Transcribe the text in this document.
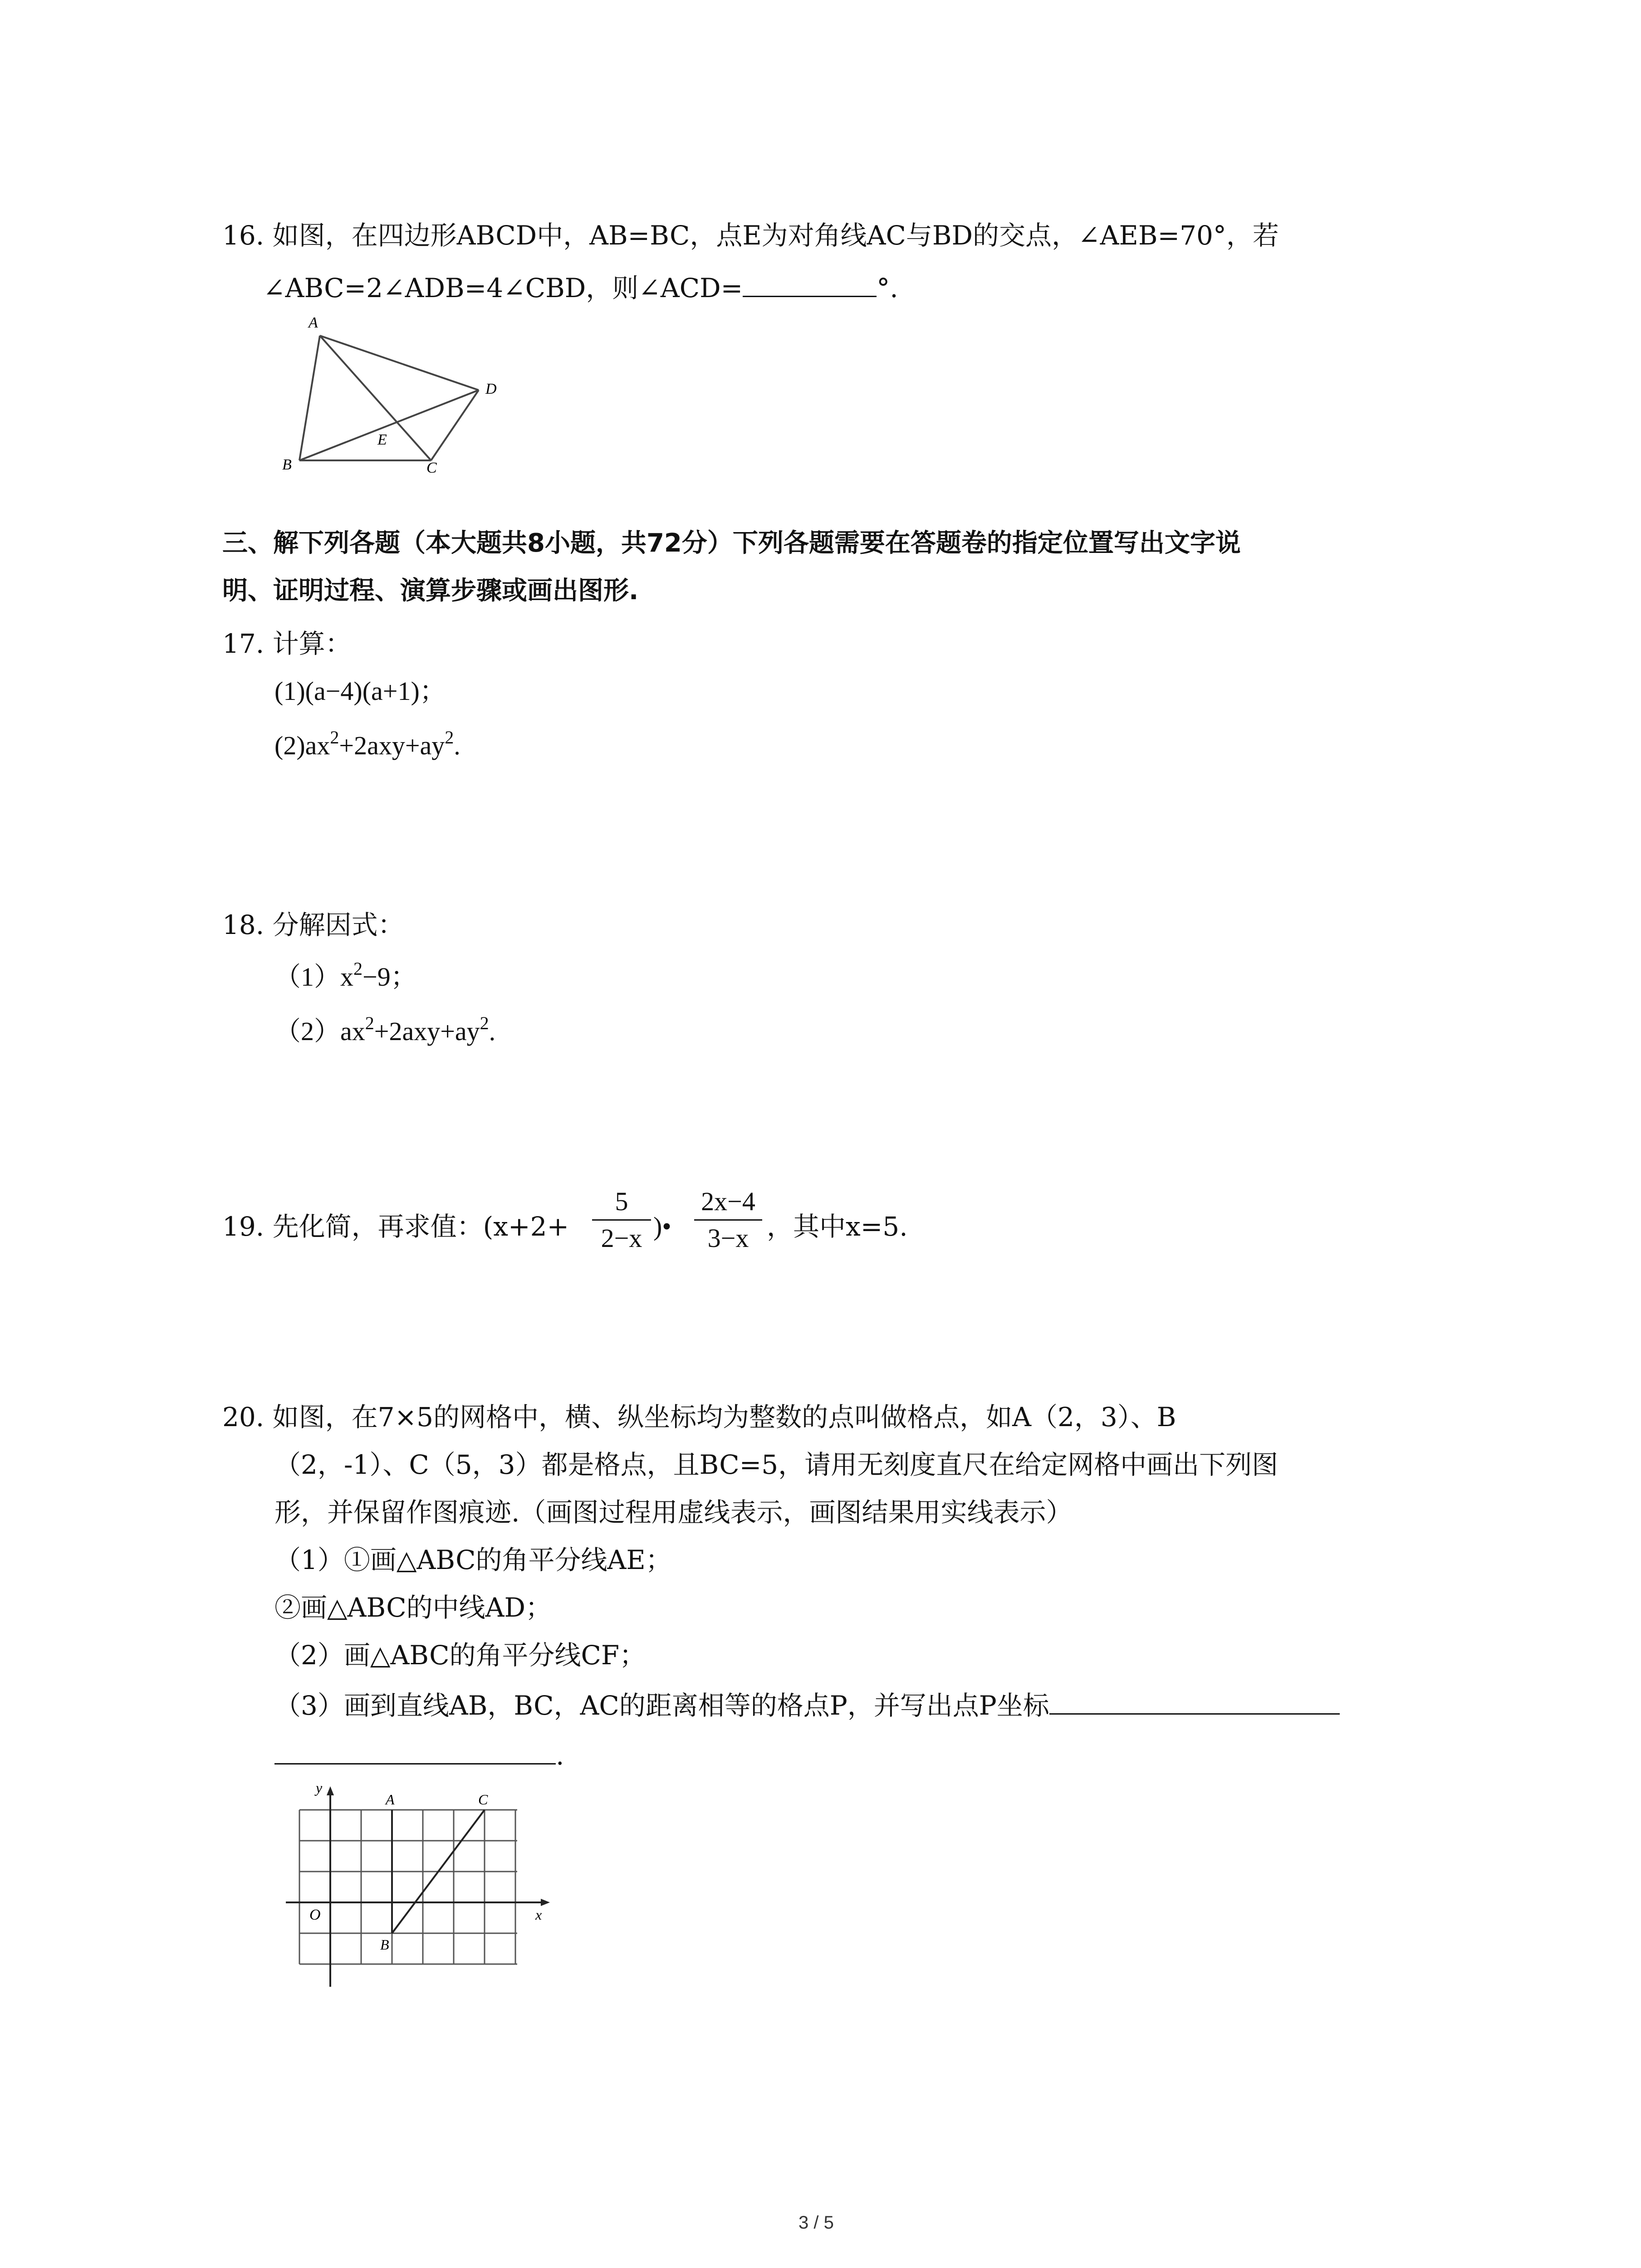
16. 如图，在四边形ABCD中，AB=BC，点E为对角线AC与BD的交点，∠AEB=70°，若
∠ABC=2∠ADB=4∠CBD，则∠ACD=	°.
A
B	C
D
E
三、解下列各题（本大题共8小题，共72分）下列各题需要在答题卷的指定位置写出文字说
明、证明过程、演算步骤或画出图形.
17. 计算：
(1)(a−4)(a+1)；
$(2)ax^2+2axy+ay^2$.
18. 分解因式：
$(1)x^2-9$；
$(2)ax^2+2axy+ay^2$.
19. 先化简，再求值：(x+2+
5
2−x )•
2x−4
3−x ，其中x=5.
20. 如图，在7×5的网格中，横、纵坐标均为整数的点叫做格点，如A（2，3）、B
（2，-1）、C（5，3）都是格点，且BC=5，请用无刻度直尺在给定网格中画出下列图
形，并保留作图痕迹.（画图过程用虚线表示，画图结果用实线表示）
（1）①画△ABC的角平分线AE；
②画△ABC的中线AD；
（2）画△ABC的角平分线CF；
（3）画到直线AB，BC，AC的距离相等的格点P，并写出点P坐标
.
y
x
O
A
B
C
3 / 5
